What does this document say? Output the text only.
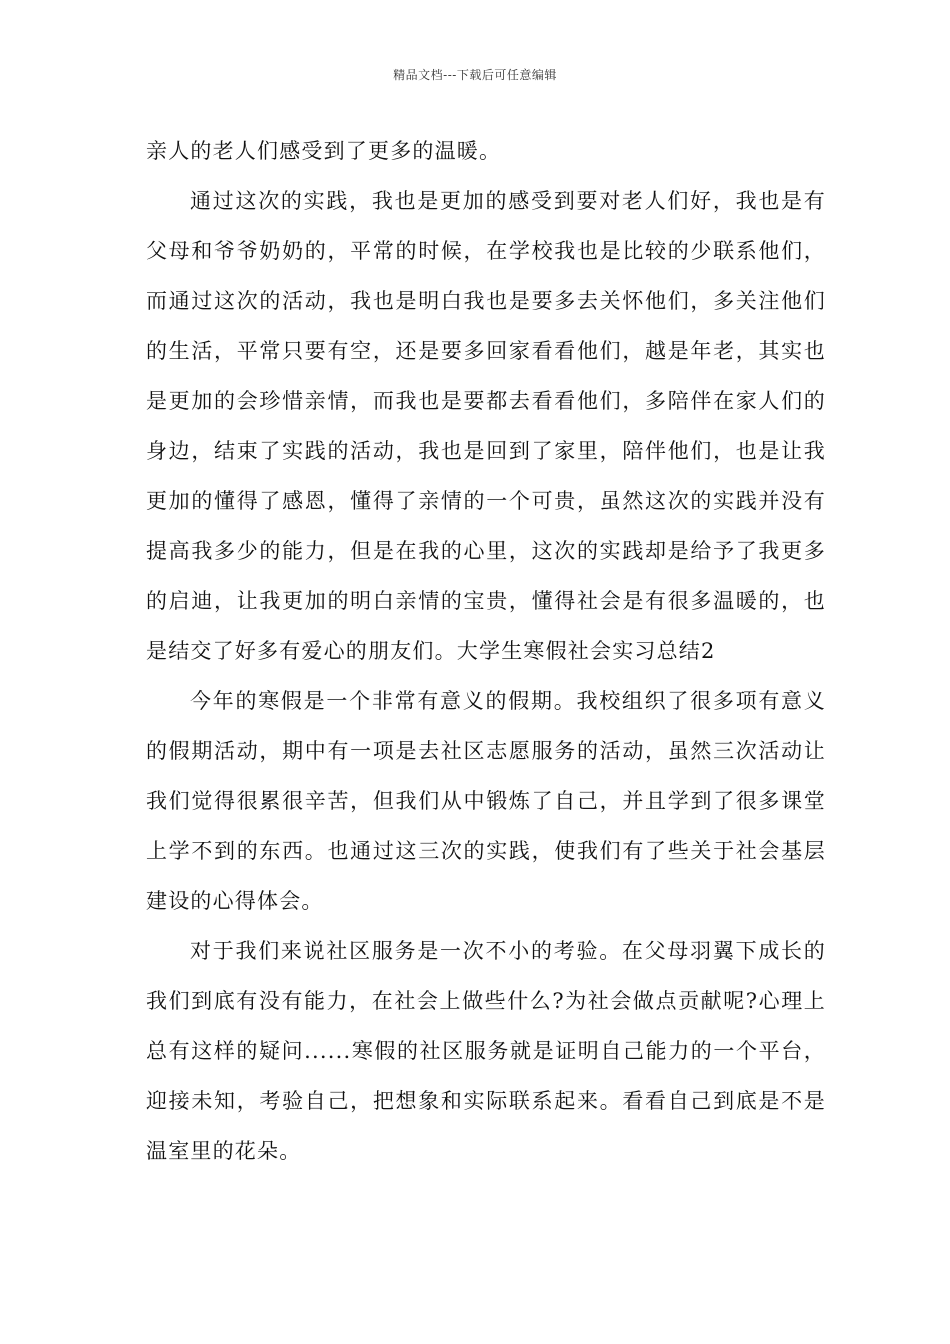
精品文档---下载后可任意编辑

亲人的老人们感受到了更多的温暖。

通过这次的实践，我也是更加的感受到要对老人们好，我也是有父母和爷爷奶奶的，平常的时候，在学校我也是比较的少联系他们，而通过这次的活动，我也是明白我也是要多去关怀他们，多关注他们的生活，平常只要有空，还是要多回家看看他们，越是年老，其实也是更加的会珍惜亲情，而我也是要都去看看他们，多陪伴在家人们的身边，结束了实践的活动，我也是回到了家里，陪伴他们，也是让我更加的懂得了感恩，懂得了亲情的一个可贵，虽然这次的实践并没有提高我多少的能力，但是在我的心里，这次的实践却是给予了我更多的启迪，让我更加的明白亲情的宝贵，懂得社会是有很多温暖的，也是结交了好多有爱心的朋友们。大学生寒假社会实习总结2

今年的寒假是一个非常有意义的假期。我校组织了很多项有意义的假期活动，期中有一项是去社区志愿服务的活动，虽然三次活动让我们觉得很累很辛苦，但我们从中锻炼了自己，并且学到了很多课堂上学不到的东西。也通过这三次的实践，使我们有了些关于社会基层建设的心得体会。

对于我们来说社区服务是一次不小的考验。在父母羽翼下成长的我们到底有没有能力，在社会上做些什么?为社会做点贡献呢?心理上总有这样的疑问......寒假的社区服务就是证明自己能力的一个平台，迎接未知，考验自己，把想象和实际联系起来。看看自己到底是不是温室里的花朵。
